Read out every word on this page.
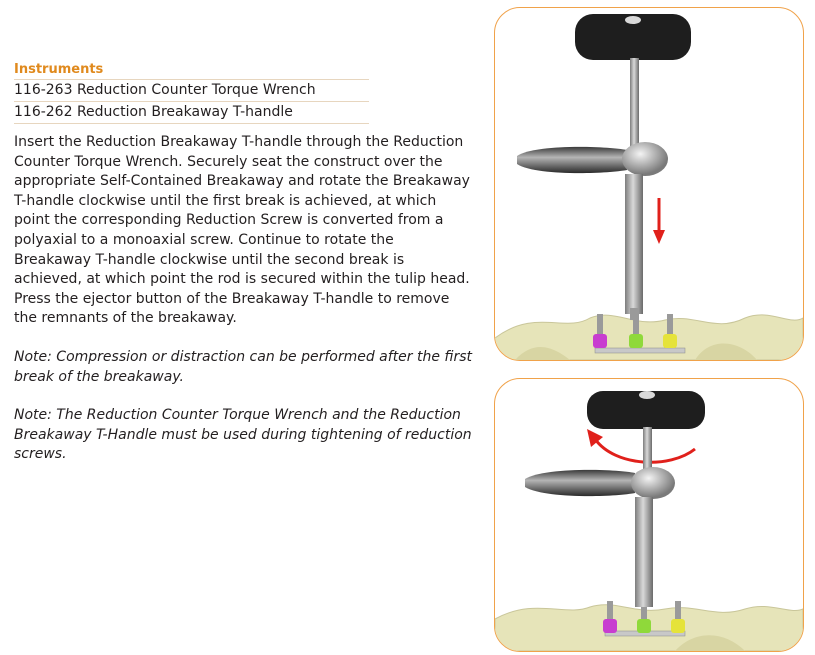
Instruments
116-263 Reduction Counter Torque Wrench
116-262 Reduction Breakaway T-handle
Insert the Reduction Breakaway T-handle through the Reduction Counter Torque Wrench. Securely seat the construct over the appropriate Self-Contained Breakaway and rotate the Breakaway T-handle clockwise until the first break is achieved, at which point the corresponding Reduction Screw is converted from a polyaxial to a monoaxial screw. Continue to rotate the Breakaway T-handle clockwise until the second break is achieved, at which point the rod is secured within the tulip head. Press the ejector button of the Breakaway T-handle to remove the remnants of the breakaway.
Note: Compression or distraction can be performed after the first break of the breakaway.
Note: The Reduction Counter Torque Wrench and the Reduction Breakaway T-Handle must be used during tightening of reduction screws.
